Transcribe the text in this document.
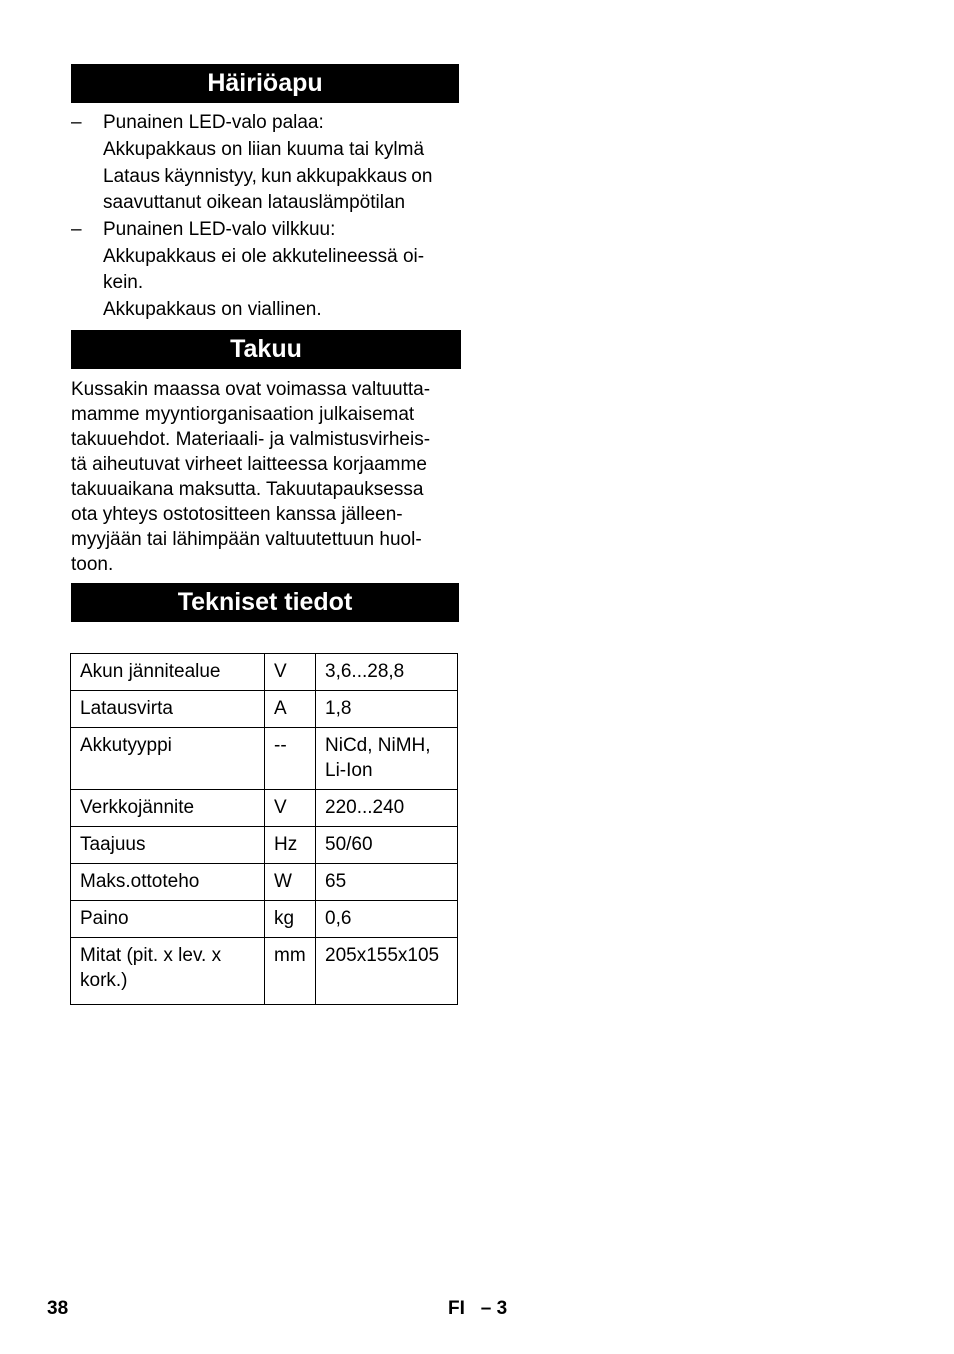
Häiriöapu
– Punainen LED-valo palaa:
Akkupakkaus on liian kuuma tai kylmä
Lataus käynnistyy, kun akkupakkaus on
saavuttanut oikean latauslämpötilan
– Punainen LED-valo vilkkuu:
Akkupakkaus ei ole akkutelineessä oi-
kein.
Akkupakkaus on viallinen.
Takuu
Kussakin maassa ovat voimassa valtuutta-
mamme myyntiorganisaation julkaisemat
takuuehdot. Materiaali- ja valmistusvirheis-
tä aiheutuvat virheet laitteessa korjaamme
takuuaikana maksutta. Takuutapauksessa
ota yhteys ostotositteen kanssa jälleen-
myyjään tai lähimpään valtuutettuun huol-
toon.
Tekniset tiedot
Akun jännitealue	V	3,6...28,8
Latausvirta	A	1,8
Akkutyyppi	--	NiCd, NiMH, Li-Ion
Verkkojännite	V	220...240
Taajuus	Hz	50/60
Maks.ottoteho	W	65
Paino	kg	0,6
Mitat (pit. x lev. x kork.)	mm	205x155x105
38	FI   – 3
